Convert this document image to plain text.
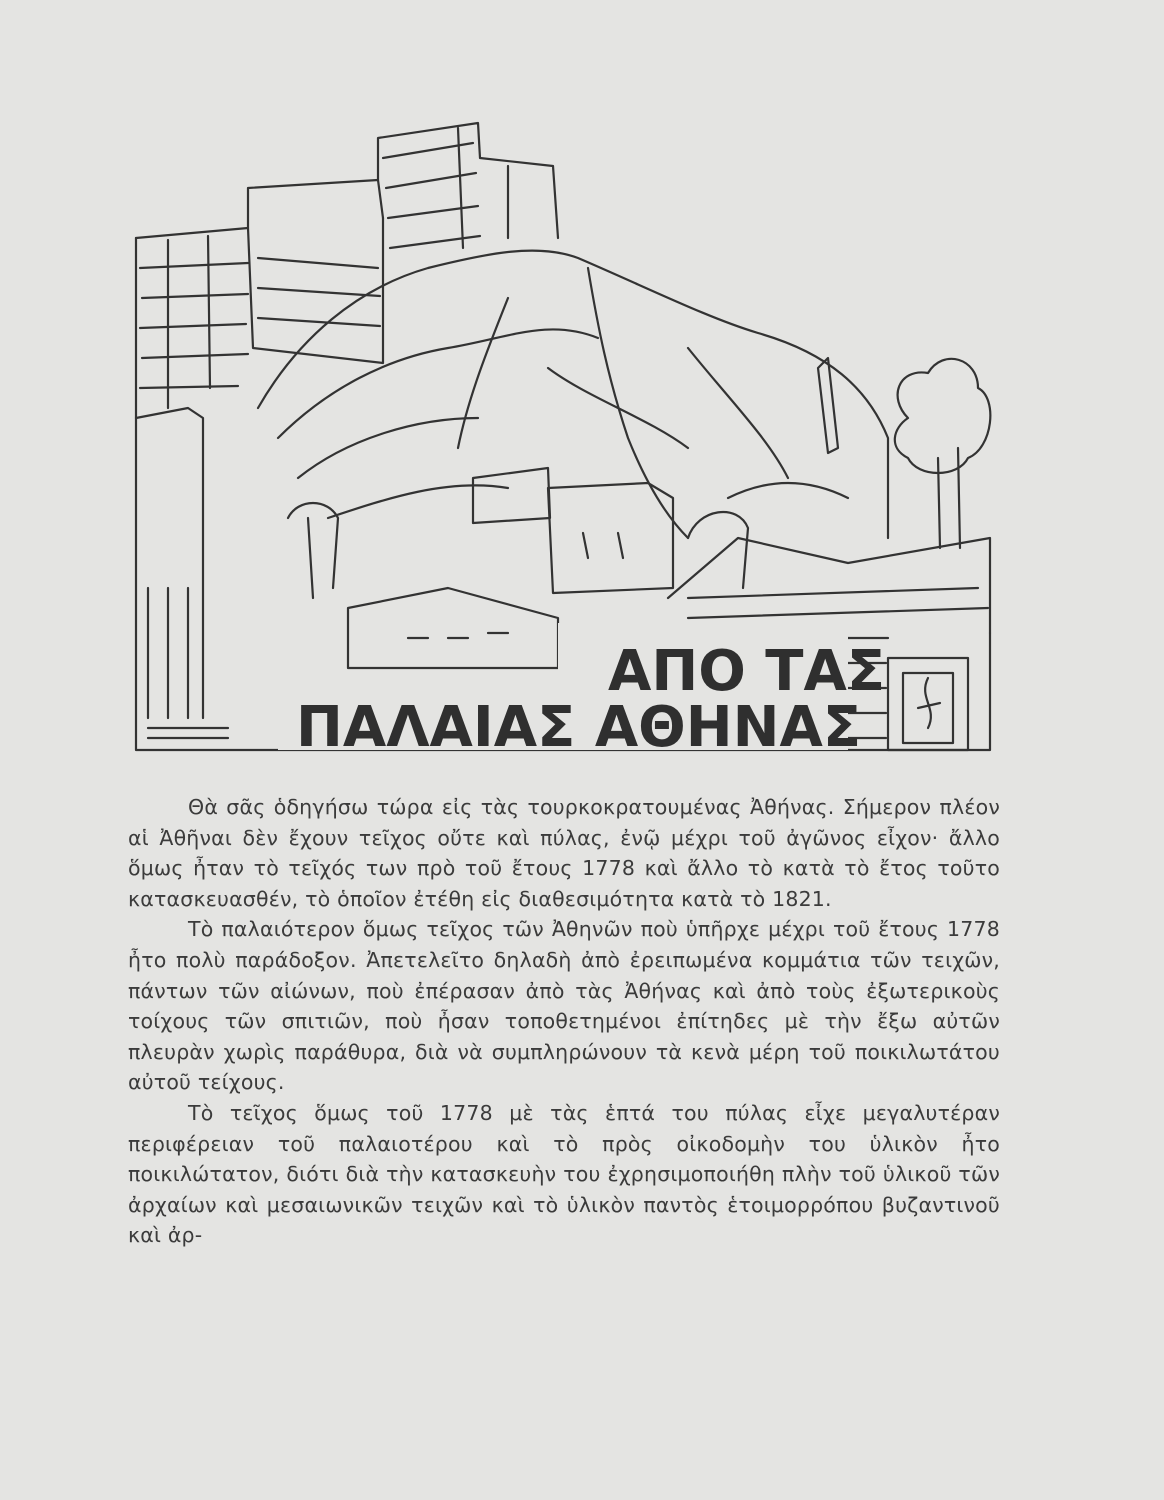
ΑΠΟ ΤΑΣ
ΠΑΛΑΙΑΣ ΑΘΗΝΑΣ

Θὰ σᾶς ὁδηγήσω τώρα εἰς τὰς τουρκοκρατουμένας Ἀθήνας. Σήμερον πλέον αἱ Ἀθῆναι δὲν ἔχουν τεῖχος οὔτε καὶ πύλας, ἐνῷ μέχρι τοῦ ἀγῶνος εἶχον· ἄλλο ὅμως ἦταν τὸ τεῖχός των πρὸ τοῦ ἔτους 1778 καὶ ἄλλο τὸ κατὰ τὸ ἔτος τοῦτο κατασκευασθέν, τὸ ὁποῖον ἐτέθη εἰς διαθεσιμότητα κατὰ τὸ 1821.

Τὸ παλαιότερον ὅμως τεῖχος τῶν Ἀθηνῶν ποὺ ὑπῆρχε μέχρι τοῦ ἔτους 1778 ἦτο πολὺ παράδοξον. Ἀπετελεῖτο δηλαδὴ ἀπὸ ἐρειπωμένα κομμάτια τῶν τειχῶν, πάντων τῶν αἰώνων, ποὺ ἐπέρασαν ἀπὸ τὰς Ἀθήνας καὶ ἀπὸ τοὺς ἐξωτερικοὺς τοίχους τῶν σπιτιῶν, ποὺ ἦσαν τοποθετημένοι ἐπίτηδες μὲ τὴν ἔξω αὐτῶν πλευρὰν χωρὶς παράθυρα, διὰ νὰ συμπληρώνουν τὰ κενὰ μέρη τοῦ ποικιλωτάτου αὐτοῦ τείχους.

Τὸ τεῖχος ὅμως τοῦ 1778 μὲ τὰς ἑπτά του πύλας εἶχε μεγαλυτέραν περιφέρειαν τοῦ παλαιοτέρου καὶ τὸ πρὸς οἰκοδομὴν του ὑλικὸν ἦτο ποικιλώτατον, διότι διὰ τὴν κατασκευὴν του ἐχρησιμοποιήθη πλὴν τοῦ ὑλικοῦ τῶν ἀρχαίων καὶ μεσαιωνικῶν τειχῶν καὶ τὸ ὑλικὸν παντὸς ἑτοιμορρόπου βυζαντινοῦ καὶ ἀρ-
